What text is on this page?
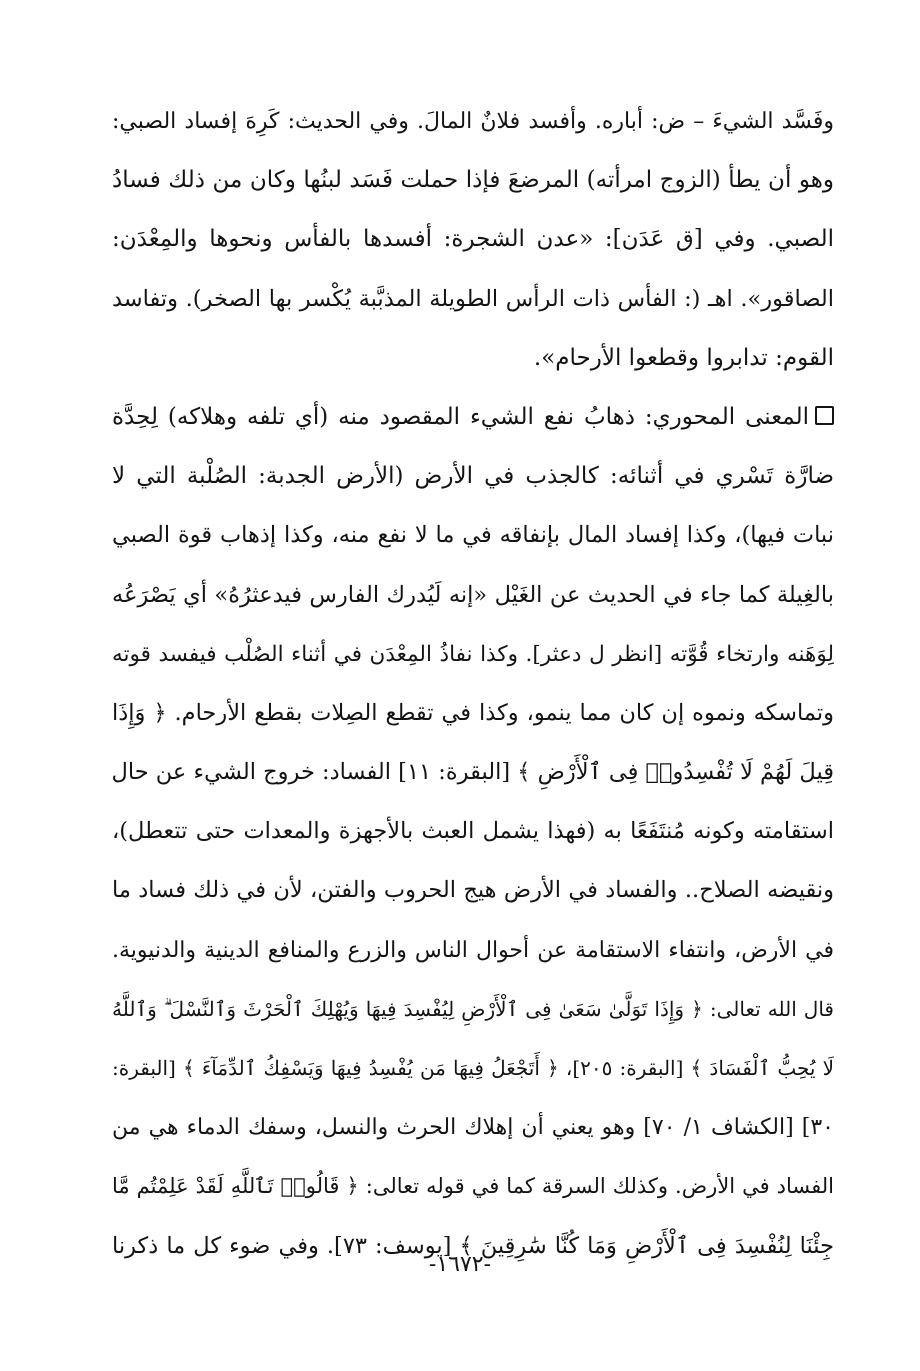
وفَسَّد الشيءَ – ض: أباره. وأفسد فلانٌ المالَ. وفي الحديث: كَرِهَ إفساد الصبي:
وهو أن يطأ (الزوج امرأته) المرضعَ فإذا حملت فَسَد لبنُها وكان من ذلك فسادُ
الصبي. وفي [ق عَدَن]: «عدن الشجرة: أفسدها بالفأس ونحوها والمِعْدَن:
الصاقور». اهـ (: الفأس ذات الرأس الطويلة المذبَّبة يُكْسر بها الصخر). وتفاسد
القوم: تدابروا وقطعوا الأرحام».
المعنى المحوري: ذهابُ نفع الشيء المقصود منه (أي تلفه وهلاكه) لِحِدَّة
ضارَّة تَسْري في أثنائه: كالجذب في الأرض (الأرض الجدبة: الصُلْبة التي لا
نبات فيها)، وكذا إفساد المال بإنفاقه في ما لا نفع منه، وكذا إذهاب قوة الصبي
بالغِيلة كما جاء في الحديث عن الغَيْل «إنه لَيُدرك الفارس فيدعثرُهُ» أي يَصْرَعُه
لِوَهَنه وارتخاء قُوَّته [انظر ل دعثر]. وكذا نفاذُ المِعْدَن في أثناء الصُلْب فيفسد قوته
وتماسكه ونموه إن كان مما ينمو، وكذا في تقطع الصِلات بقطع الأرحام. ﴿ وَإِذَا
قِيلَ لَهُمْ لَا تُفْسِدُوا۟ فِى ٱلْأَرْضِ ﴾ [البقرة: ١١] الفساد: خروج الشيء عن حال
استقامته وكونه مُنتَفَعًا به (فهذا يشمل العبث بالأجهزة والمعدات حتى تتعطل)،
ونقيضه الصلاح.. والفساد في الأرض هيج الحروب والفتن، لأن في ذلك فساد ما
في الأرض، وانتفاء الاستقامة عن أحوال الناس والزرع والمنافع الدينية والدنيوية.
قال الله تعالى: ﴿ وَإِذَا تَوَلَّىٰ سَعَىٰ فِى ٱلْأَرْضِ لِيُفْسِدَ فِيهَا وَيُهْلِكَ ٱلْحَرْثَ وَٱلنَّسْلَ ۗ وَٱللَّهُ
لَا يُحِبُّ ٱلْفَسَادَ ﴾ [البقرة: ٢٠٥]، ﴿ أَتَجْعَلُ فِيهَا مَن يُفْسِدُ فِيهَا وَيَسْفِكُ ٱلدِّمَآءَ ﴾ [البقرة:
٣٠] [الكشاف ١/ ٧٠] وهو يعني أن إهلاك الحرث والنسل، وسفك الدماء هي من
الفساد في الأرض. وكذلك السرقة كما في قوله تعالى: ﴿ قَالُوا۟ تَٱللَّهِ لَقَدْ عَلِمْتُم مَّا
جِئْنَا لِنُفْسِدَ فِى ٱلْأَرْضِ وَمَا كُنَّا سَٰرِقِينَ ﴾ [يوسف: ٧٣]. وفي ضوء كل ما ذكرنا
-١٦٧٢-
